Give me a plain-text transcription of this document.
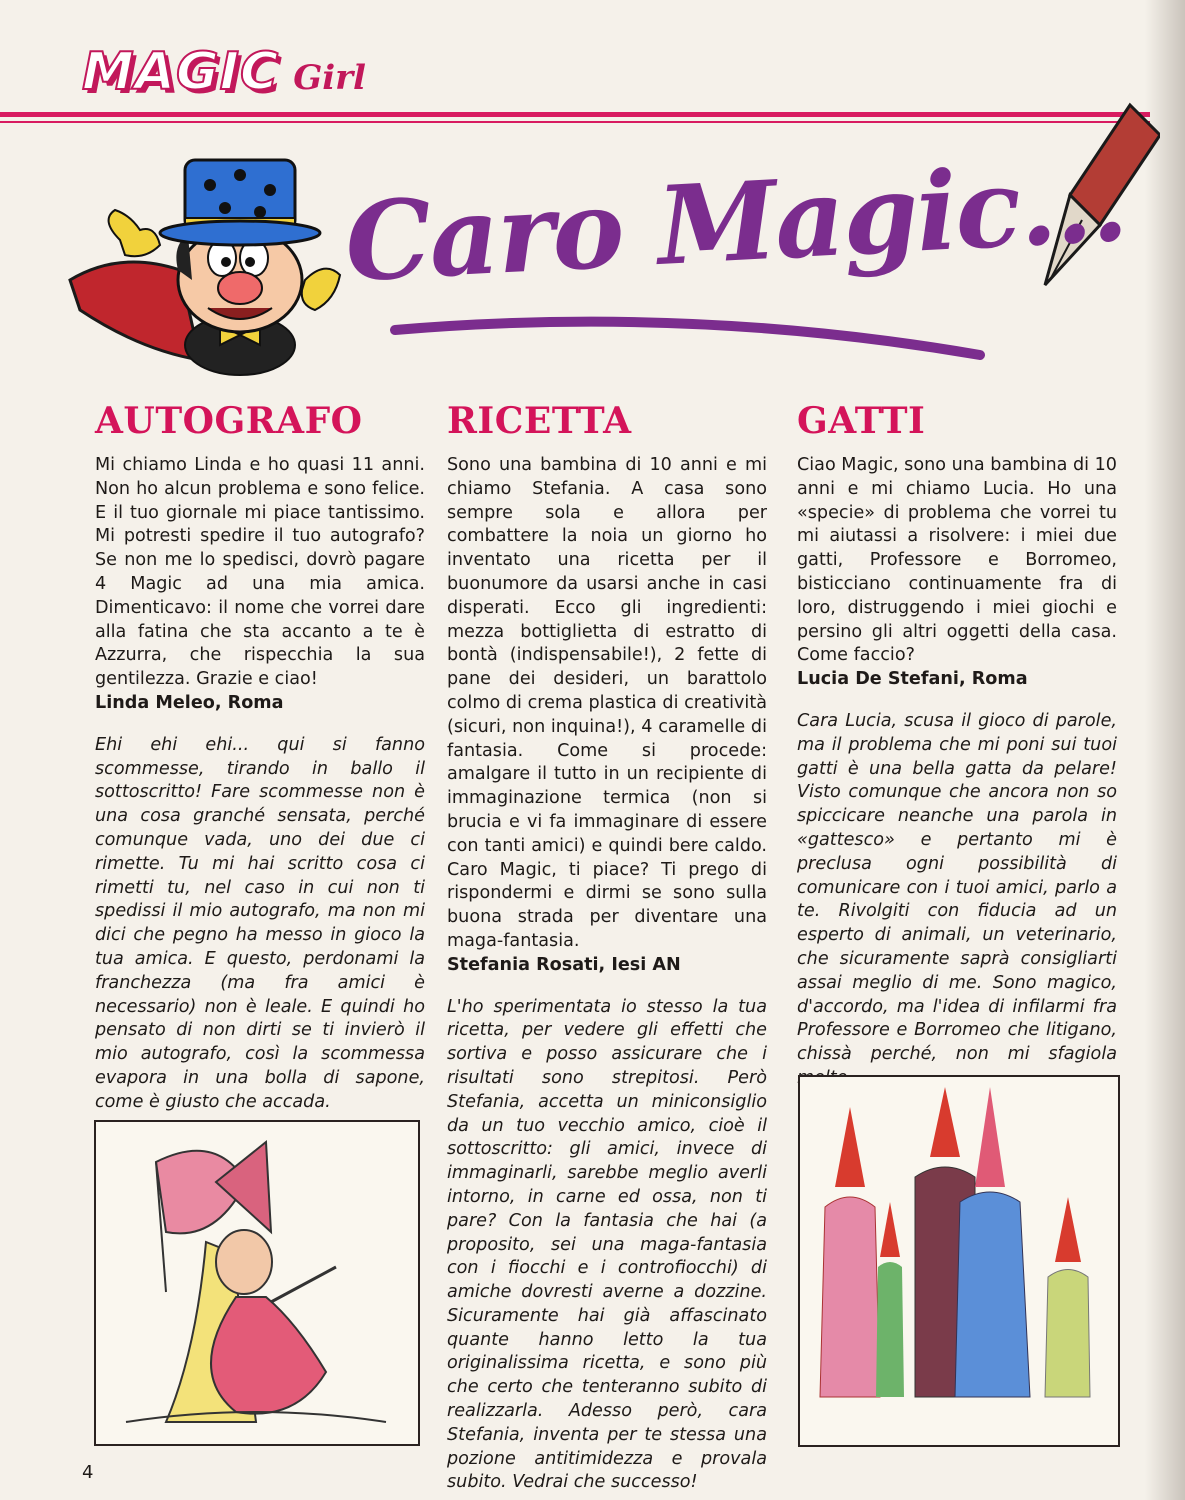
MAGIC Girl
Caro Magic...
AUTOGRAFO

Mi chiamo Linda e ho quasi 11 anni. Non ho alcun problema e sono felice. E il tuo giornale mi piace tantissimo. Mi potresti spedire il tuo autografo? Se non me lo spedisci, dovrò pagare 4 Magic ad una mia amica. Dimenticavo: il nome che vorrei dare alla fatina che sta accanto a te è Azzurra, che rispecchia la sua gentilezza. Grazie e ciao!

Linda Meleo, Roma

Ehi ehi ehi... qui si fanno scommesse, tirando in ballo il sottoscritto! Fare scommesse non è una cosa granché sensata, perché comunque vada, uno dei due ci rimette. Tu mi hai scritto cosa ci rimetti tu, nel caso in cui non ti spedissi il mio autografo, ma non mi dici che pegno ha messo in gioco la tua amica. E questo, perdonami la franchezza (ma fra amici è necessario) non è leale. E quindi ho pensato di non dirti se ti invierò il mio autografo, così la scommessa evapora in una bolla di sapone, come è giusto che accada.

RICETTA

Sono una bambina di 10 anni e mi chiamo Stefania. A casa sono sempre sola e allora per combattere la noia un giorno ho inventato una ricetta per il buonumore da usarsi anche in casi disperati. Ecco gli ingredienti: mezza bottiglietta di estratto di bontà (indispensabile!), 2 fette di pane dei desideri, un barattolo colmo di crema plastica di creatività (sicuri, non inquina!), 4 caramelle di fantasia. Come si procede: amalgare il tutto in un recipiente di immaginazione termica (non si brucia e vi fa immaginare di essere con tanti amici) e quindi bere caldo. Caro Magic, ti piace? Ti prego di rispondermi e dirmi se sono sulla buona strada per diventare una maga-fantasia.

Stefania Rosati, Iesi AN

L'ho sperimentata io stesso la tua ricetta, per vedere gli effetti che sortiva e posso assicurare che i risultati sono strepitosi. Però Stefania, accetta un miniconsiglio da un tuo vecchio amico, cioè il sottoscritto: gli amici, invece di immaginarli, sarebbe meglio averli intorno, in carne ed ossa, non ti pare? Con la fantasia che hai (a proposito, sei una maga-fantasia con i fiocchi e i controfiocchi) di amiche dovresti averne a dozzine. Sicuramente hai già affascinato quante hanno letto la tua originalissima ricetta, e sono più che certo che tenteranno subito di realizzarla. Adesso però, cara Stefania, inventa per te stessa una pozione antitimidezza e provala subito. Vedrai che successo!

GATTI

Ciao Magic, sono una bambina di 10 anni e mi chiamo Lucia. Ho una «specie» di problema che vorrei tu mi aiutassi a risolvere: i miei due gatti, Professore e Borromeo, bisticciano continuamente fra di loro, distruggendo i miei giochi e persino gli altri oggetti della casa. Come faccio?

Lucia De Stefani, Roma

Cara Lucia, scusa il gioco di parole, ma il problema che mi poni sui tuoi gatti è una bella gatta da pelare! Visto comunque che ancora non so spiccicare neanche una parola in «gattesco» e pertanto mi è preclusa ogni possibilità di comunicare con i tuoi amici, parlo a te. Rivolgiti con fiducia ad un esperto di animali, un veterinario, che sicuramente saprà consigliarti assai meglio di me. Sono magico, d'accordo, ma l'idea di infilarmi fra Professore e Borromeo che litigano, chissà perché, non mi sfagiola

4
